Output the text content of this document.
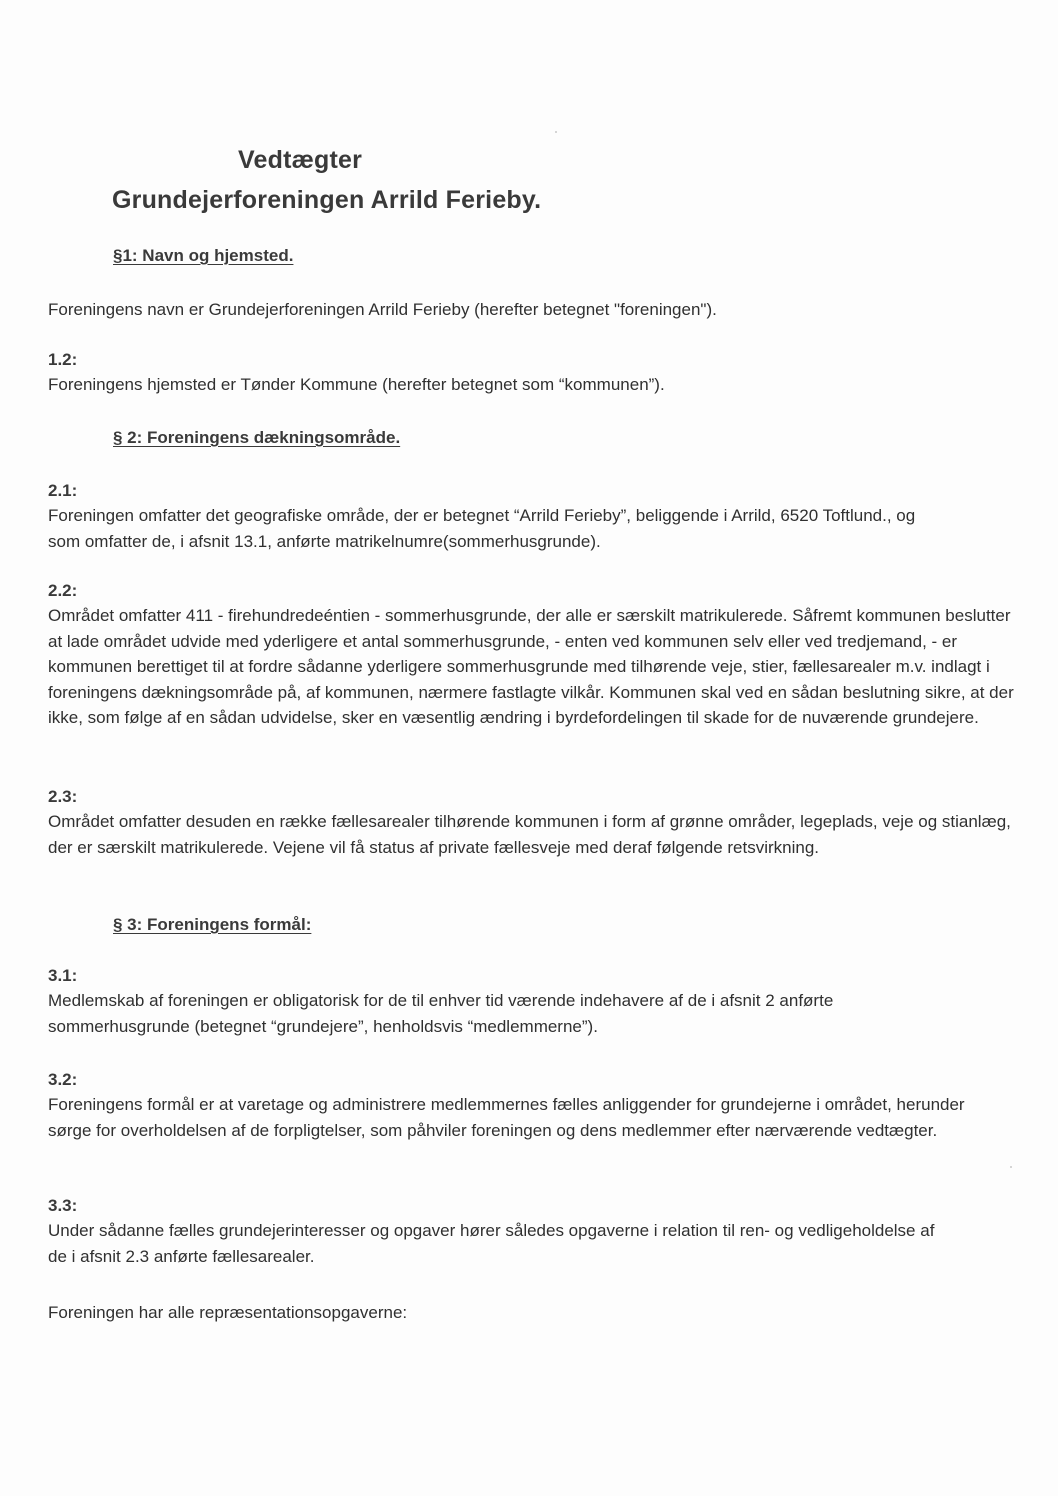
Vedtægter
Grundejerforeningen Arrild Ferieby.
§1: Navn og hjemsted.

Foreningens navn er Grundejerforeningen Arrild Ferieby (herefter betegnet "foreningen").

1.2:

Foreningens hjemsted er Tønder Kommune (herefter betegnet som “kommunen”).

§ 2: Foreningens dækningsområde.
2.1:

Foreningen omfatter det geografiske område, der er betegnet “Arrild Ferieby”, beliggende i Arrild, 6520 Toftlund., og som omfatter de, i afsnit 13.1, anførte matrikelnumre(sommerhusgrunde).

2.2:

Området omfatter 411 - firehundredeéntien - sommerhusgrunde, der alle er særskilt matrikulerede. Såfremt kommunen beslutter at lade området udvide med yderligere et antal sommerhusgrunde, - enten ved kommunen selv eller ved tredjemand, - er kommunen berettiget til at fordre sådanne yderligere sommerhusgrunde med tilhørende veje, stier, fællesarealer m.v. indlagt i foreningens dækningsområde på, af kommunen, nærmere fastlagte vilkår. Kommunen skal ved en sådan beslutning sikre, at der ikke, som følge af en sådan udvidelse, sker en væsentlig ændring i byrdefordelingen til skade for de nuværende grundejere.

2.3:

Området omfatter desuden en række fællesarealer tilhørende kommunen i form af grønne områder, legeplads, veje og stianlæg, der er særskilt matrikulerede. Vejene vil få status af private fællesveje med deraf følgende retsvirkning.

§ 3: Foreningens formål:
3.1:

Medlemskab af foreningen er obligatorisk for de til enhver tid værende indehavere af de i afsnit 2 anførte sommerhusgrunde (betegnet “grundejere”, henholdsvis “medlemmerne”).

3.2:

Foreningens formål er at varetage og administrere medlemmernes fælles anliggender for grundejerne i området, herunder sørge for overholdelsen af de forpligtelser, som påhviler foreningen og dens medlemmer efter nærværende vedtægter.

3.3:

Under sådanne fælles grundejerinteresser og opgaver hører således opgaverne i relation til ren- og vedligeholdelse af de i afsnit 2.3 anførte fællesarealer.

Foreningen har alle repræsentationsopgaverne:
